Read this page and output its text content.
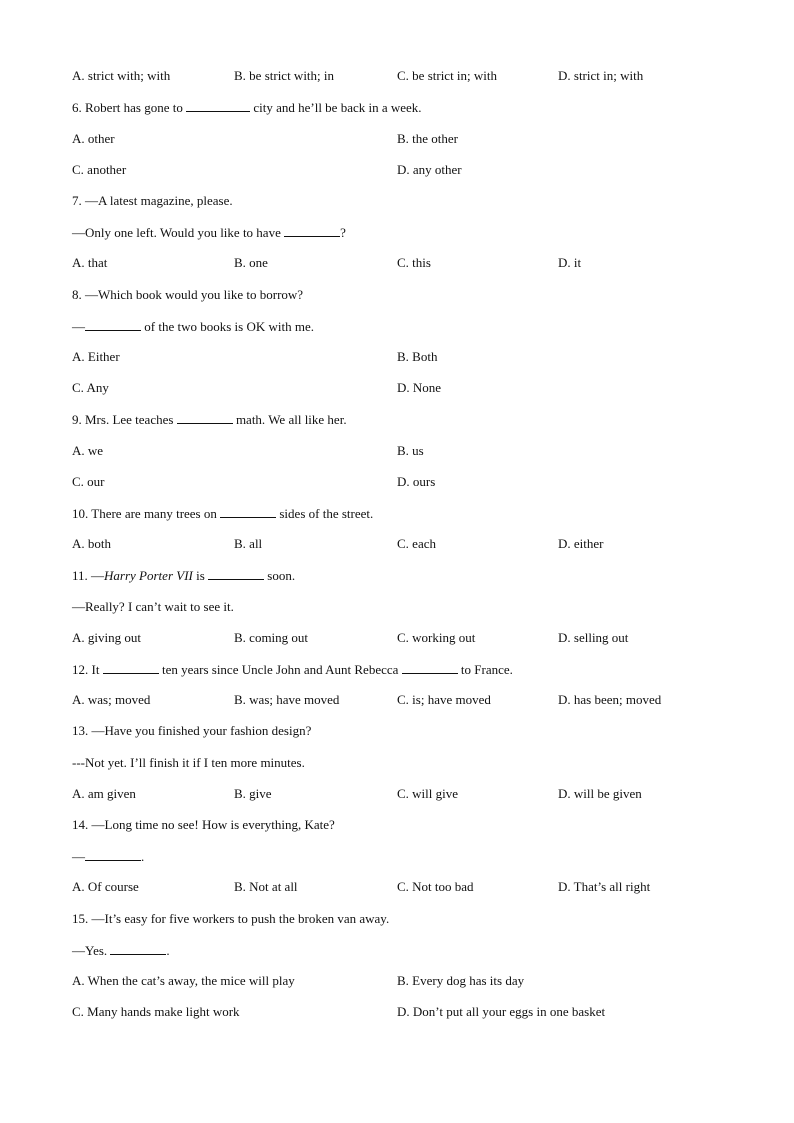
A. strict with; with	B. be strict with; in	C. be strict in; with	D. strict in; with
6. Robert has gone to	city and he’ll be back in a week.
A. other	B. the other
C. another	D. any other
7. —A latest magazine, please.
—Only one left. Would you like to have	?
A. that	B. one	C. this	D. it
8. —Which book would you like to borrow?
—	of the two books is OK with me.
A. Either	B. Both
C. Any	D. None
9. Mrs. Lee teaches	math. We all like her.
A. we	B. us
C. our	D. ours
10. There are many trees on	sides of the street.
A. both	B. all	C. each	D. either
11. —Harry Porter VII is	soon.
—Really? I can’t wait to see it.
A. giving out	B. coming out	C. working out	D. selling out
12. It	ten years since Uncle John and Aunt Rebecca	to France.
A. was; moved	B. was; have moved	C. is; have moved	D. has been; moved
13. —Have you finished your fashion design?
---Not yet. I’ll finish it if I ten more minutes.
A. am given	B. give	C. will give	D. will be given
14. —Long time no see! How is everything, Kate?
—	.
A. Of course	B. Not at all	C. Not too bad	D. That’s all right
15. —It’s easy for five workers to push the broken van away.
—Yes.	.
A. When the cat’s away, the mice will play	B. Every dog has its day
C. Many hands make light work	D. Don’t put all your eggs in one basket
